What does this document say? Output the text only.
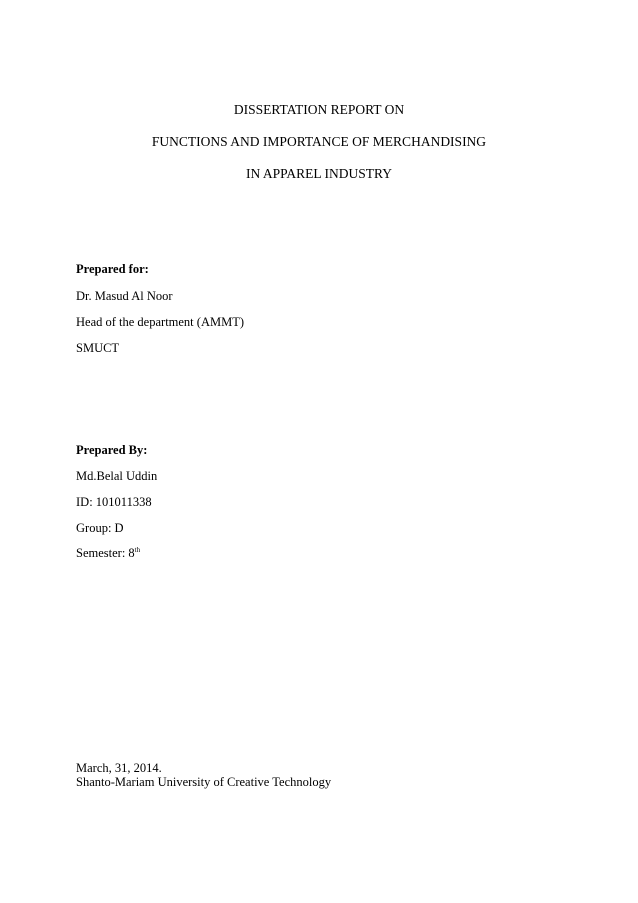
DISSERTATION REPORT ON
FUNCTIONS AND IMPORTANCE OF MERCHANDISING
IN APPAREL INDUSTRY
Prepared for:
Dr. Masud Al Noor
Head of the department (AMMT)
SMUCT
Prepared By:
Md.Belal Uddin
ID: 101011338
Group: D
Semester: 8th
March, 31, 2014.
Shanto-Mariam University of Creative Technology
